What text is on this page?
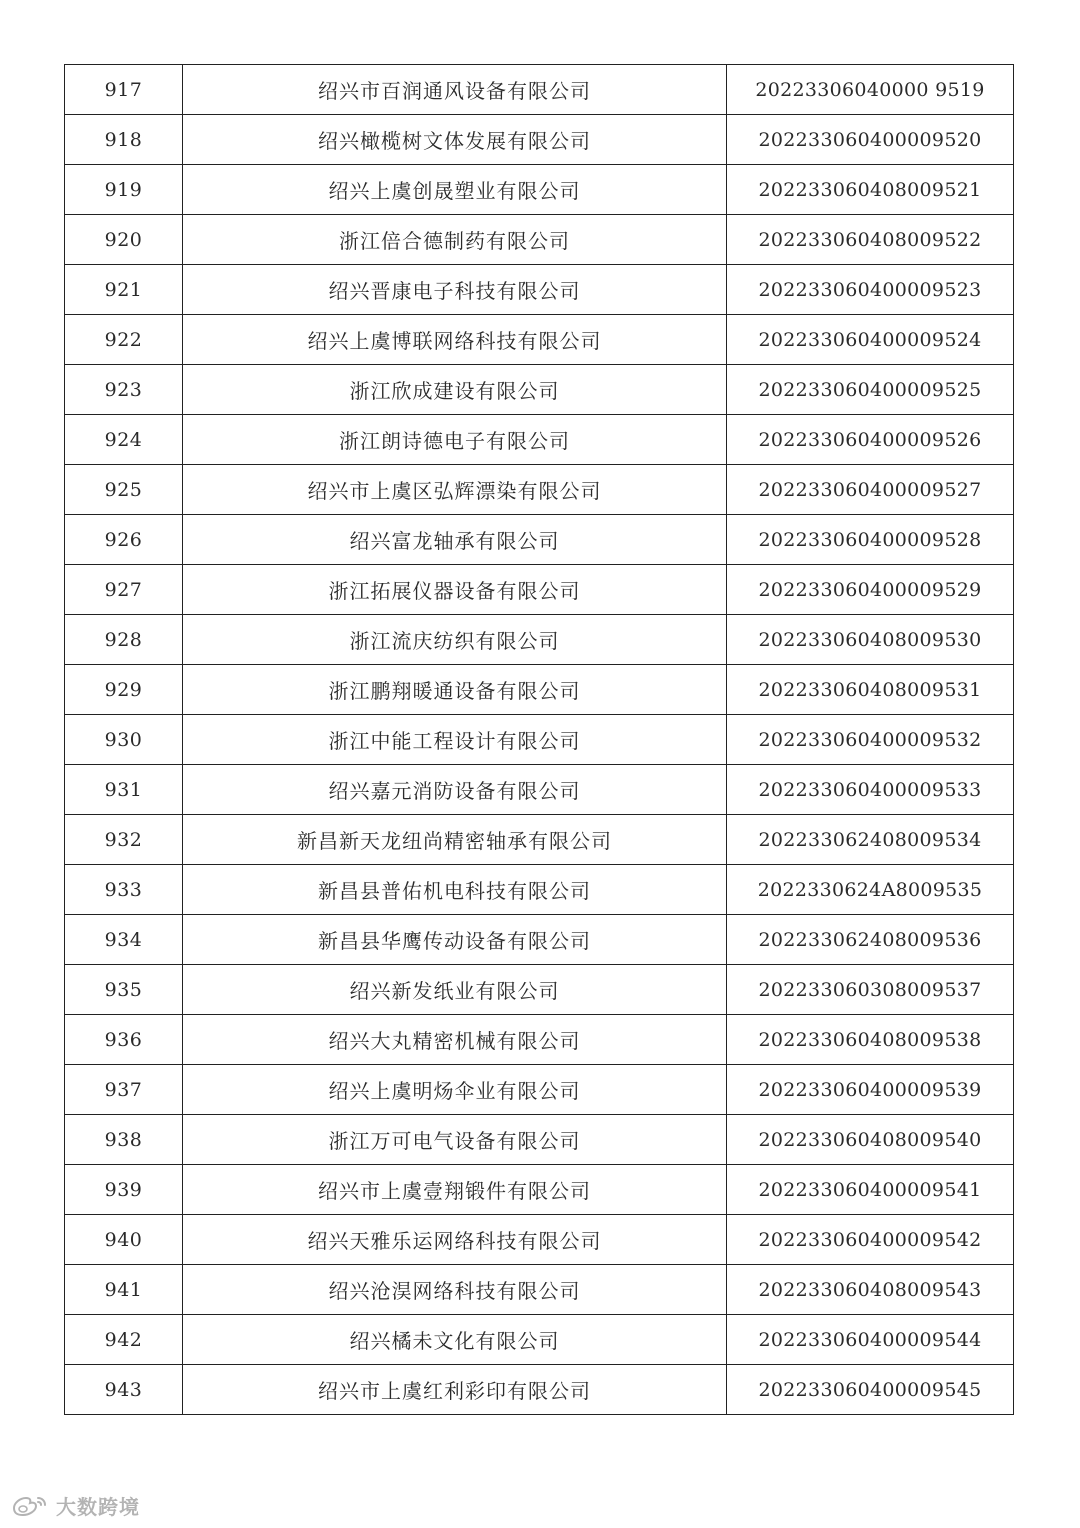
917	绍兴市百润通风设备有限公司	20223306040000 9519
918	绍兴橄榄树文体发展有限公司	202233060400009520
919	绍兴上虞创晟塑业有限公司	202233060408009521
920	浙江倍合德制药有限公司	202233060408009522
921	绍兴晋康电子科技有限公司	202233060400009523
922	绍兴上虞博联网络科技有限公司	202233060400009524
923	浙江欣成建设有限公司	202233060400009525
924	浙江朗诗德电子有限公司	202233060400009526
925	绍兴市上虞区弘辉漂染有限公司	202233060400009527
926	绍兴富龙轴承有限公司	202233060400009528
927	浙江拓展仪器设备有限公司	202233060400009529
928	浙江流庆纺织有限公司	202233060408009530
929	浙江鹏翔暖通设备有限公司	202233060408009531
930	浙江中能工程设计有限公司	202233060400009532
931	绍兴嘉元消防设备有限公司	202233060400009533
932	新昌新天龙纽尚精密轴承有限公司	202233062408009534
933	新昌县普佑机电科技有限公司	2022330624A8009535
934	新昌县华鹰传动设备有限公司	202233062408009536
935	绍兴新发纸业有限公司	202233060308009537
936	绍兴大丸精密机械有限公司	202233060408009538
937	绍兴上虞明炀伞业有限公司	202233060400009539
938	浙江万可电气设备有限公司	202233060408009540
939	绍兴市上虞壹翔锻件有限公司	202233060400009541
940	绍兴天雅乐运网络科技有限公司	202233060400009542
941	绍兴沧淏网络科技有限公司	202233060408009543
942	绍兴橘未文化有限公司	202233060400009544
943	绍兴市上虞红利彩印有限公司	202233060400009545
大数跨境
